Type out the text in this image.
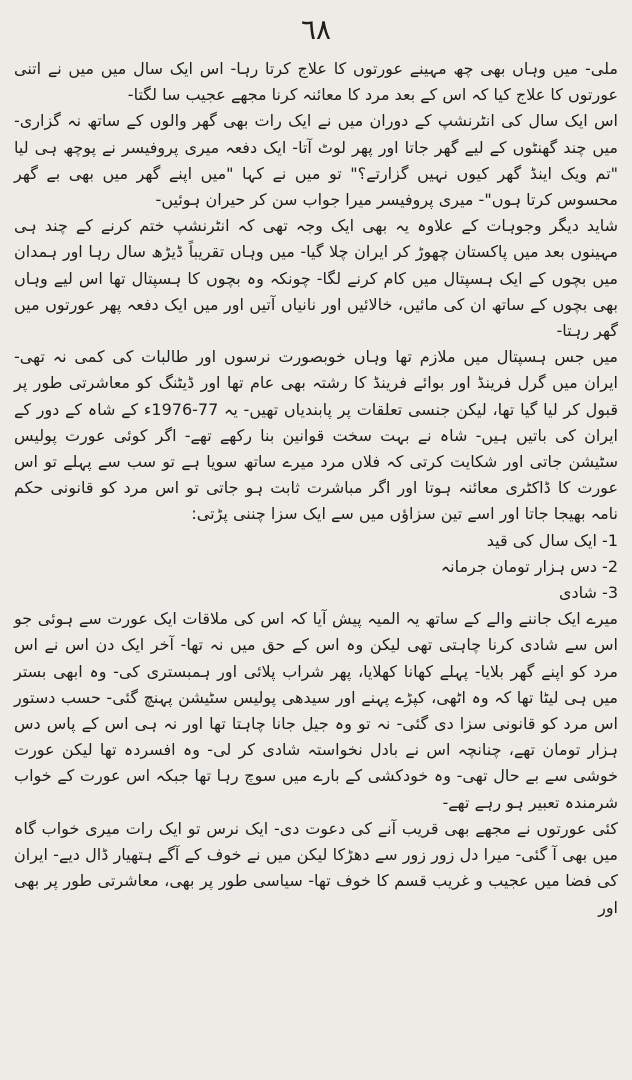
٦٨

ملی- میں وہاں بھی چھ مہینے عورتوں کا علاج کرتا رہا- اس ایک سال میں میں نے اتنی عورتوں کا علاج کیا کہ اس کے بعد مرد کا معائنہ کرنا مجھے عجیب سا لگتا-

اس ایک سال کی انٹرنشپ کے دوران میں نے ایک رات بھی گھر والوں کے ساتھ نہ گزاری- میں چند گھنٹوں کے لیے گھر جاتا اور پھر لوٹ آتا- ایک دفعہ میری پروفیسر نے پوچھ ہی لیا "تم ویک اینڈ گھر کیوں نہیں گزارتے؟" تو میں نے کہا "میں اپنے گھر میں بھی بے گھر محسوس کرتا ہوں"- میری پروفیسر میرا جواب سن کر حیران ہوئیں-

شاید دیگر وجوہات کے علاوہ یہ بھی ایک وجہ تھی کہ انٹرنشپ ختم کرنے کے چند ہی مہینوں بعد میں پاکستان چھوڑ کر ایران چلا گیا- میں وہاں تقریباً ڈیڑھ سال رہا اور ہمدان میں بچوں کے ایک ہسپتال میں کام کرنے لگا- چونکہ وہ بچوں کا ہسپتال تھا اس لیے وہاں بھی بچوں کے ساتھ ان کی مائیں، خالائیں اور نانیاں آتیں اور میں ایک دفعہ پھر عورتوں میں گھر رہتا-

میں جس ہسپتال میں ملازم تھا وہاں خوبصورت نرسوں اور طالبات کی کمی نہ تھی- ایران میں گرل فرینڈ اور بوائے فرینڈ کا رشتہ بھی عام تھا اور ڈیٹنگ کو معاشرتی طور پر قبول کر لیا گیا تھا، لیکن جنسی تعلقات پر پابندیاں تھیں- یہ 77-1976ء کے شاہ کے دور کے ایران کی باتیں ہیں- شاہ نے بہت سخت قوانین بنا رکھے تھے- اگر کوئی عورت پولیس سٹیشن جاتی اور شکایت کرتی کہ فلاں مرد میرے ساتھ سویا ہے تو سب سے پہلے تو اس عورت کا ڈاکٹری معائنہ ہوتا اور اگر مباشرت ثابت ہو جاتی تو اس مرد کو قانونی حکم نامہ بھیجا جاتا اور اسے تین سزاؤں میں سے ایک سزا چننی پڑتی:

1- ایک سال کی قید

2- دس ہزار تومان جرمانہ

3- شادی

میرے ایک جاننے والے کے ساتھ یہ المیہ پیش آیا کہ اس کی ملاقات ایک عورت سے ہوئی جو اس سے شادی کرنا چاہتی تھی لیکن وہ اس کے حق میں نہ تھا- آخر ایک دن اس نے اس مرد کو اپنے گھر بلایا- پہلے کھانا کھلایا، پھر شراب پلائی اور ہمبستری کی- وہ ابھی بستر میں ہی لیٹا تھا کہ وہ اٹھی، کپڑے پہنے اور سیدھی پولیس سٹیشن پہنچ گئی- حسب دستور اس مرد کو قانونی سزا دی گئی- نہ تو وہ جیل جانا چاہتا تھا اور نہ ہی اس کے پاس دس ہزار تومان تھے، چنانچہ اس نے بادل نخواستہ شادی کر لی- وہ افسردہ تھا لیکن عورت خوشی سے بے حال تھی- وہ خودکشی کے بارے میں سوچ رہا تھا جبکہ اس عورت کے خواب شرمندہ تعبیر ہو رہے تھے-

کئی عورتوں نے مجھے بھی قریب آنے کی دعوت دی- ایک نرس تو ایک رات میری خواب گاہ میں بھی آ گئی- میرا دل زور زور سے دھڑکا لیکن میں نے خوف کے آگے ہتھیار ڈال دیے- ایران کی فضا میں عجیب و غریب قسم کا خوف تھا- سیاسی طور پر بھی، معاشرتی طور پر بھی اور
